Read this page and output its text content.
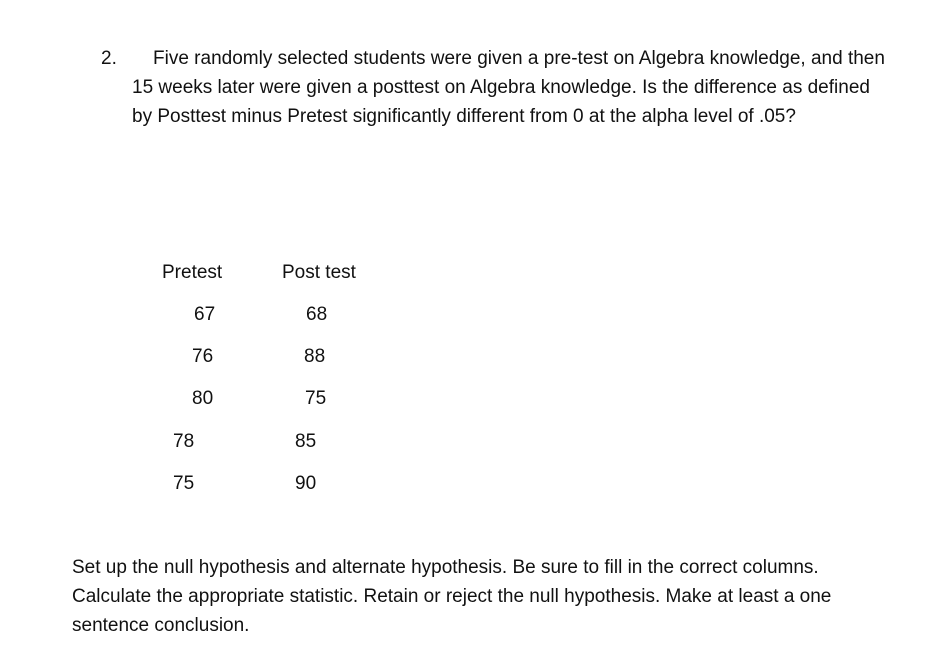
2.	Five randomly selected students were given a pre-test on Algebra knowledge, and then 15 weeks later were given a posttest on Algebra knowledge. Is the difference as defined by Posttest minus Pretest significantly different from 0 at the alpha level of .05?
Pretest	Post test
67	68
76	88
80	75
78	85
75	90
Set up the null hypothesis and alternate hypothesis. Be sure to fill in the correct columns.
Calculate the appropriate statistic. Retain or reject the null hypothesis. Make at least a one
sentence conclusion.
